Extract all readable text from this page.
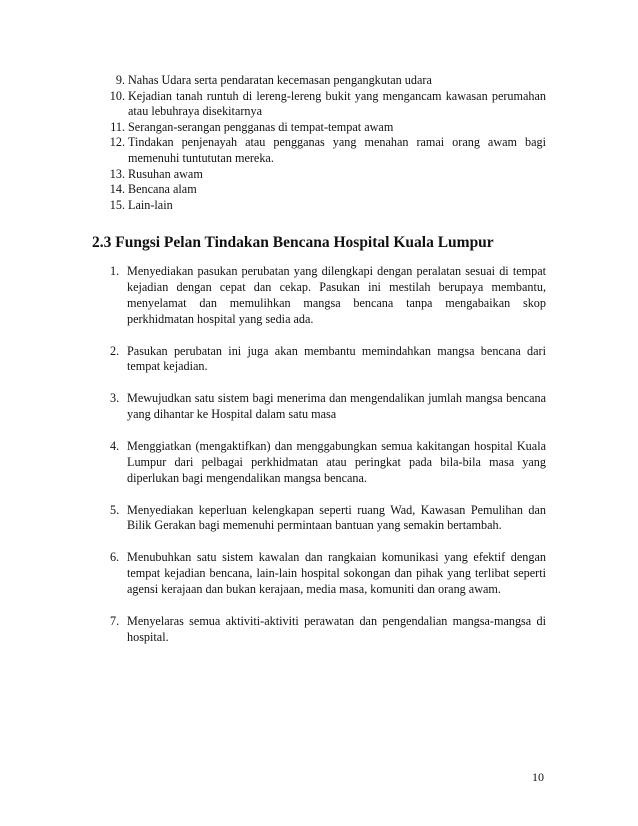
9. Nahas Udara serta pendaratan kecemasan pengangkutan udara
10. Kejadian tanah runtuh di lereng-lereng bukit yang mengancam kawasan perumahan atau lebuhraya disekitarnya
11. Serangan-serangan pengganas di tempat-tempat awam
12. Tindakan penjenayah atau pengganas yang menahan ramai orang awam bagi memenuhi tuntututan mereka.
13. Rusuhan awam
14. Bencana alam
15. Lain-lain
2.3 Fungsi Pelan Tindakan Bencana Hospital Kuala Lumpur
1. Menyediakan pasukan perubatan yang dilengkapi dengan peralatan sesuai di tempat kejadian dengan cepat dan cekap. Pasukan ini mestilah berupaya membantu, menyelamat dan memulihkan mangsa bencana tanpa mengabaikan skop perkhidmatan hospital yang sedia ada.
2. Pasukan perubatan ini juga akan membantu memindahkan mangsa bencana dari tempat kejadian.
3. Mewujudkan satu sistem bagi menerima dan mengendalikan jumlah mangsa bencana yang dihantar ke Hospital dalam satu masa
4. Menggiatkan (mengaktifkan) dan menggabungkan semua kakitangan hospital Kuala Lumpur dari pelbagai perkhidmatan atau peringkat pada bila-bila masa yang diperlukan bagi mengendalikan mangsa bencana.
5. Menyediakan keperluan kelengkapan seperti ruang Wad, Kawasan Pemulihan dan Bilik Gerakan bagi memenuhi permintaan bantuan yang semakin bertambah.
6. Menubuhkan satu sistem kawalan dan rangkaian komunikasi yang efektif dengan tempat kejadian bencana, lain-lain hospital sokongan dan pihak yang terlibat seperti agensi kerajaan dan bukan kerajaan, media masa, komuniti dan orang awam.
7. Menyelaras semua aktiviti-aktiviti perawatan dan pengendalian mangsa-mangsa di hospital.
10
